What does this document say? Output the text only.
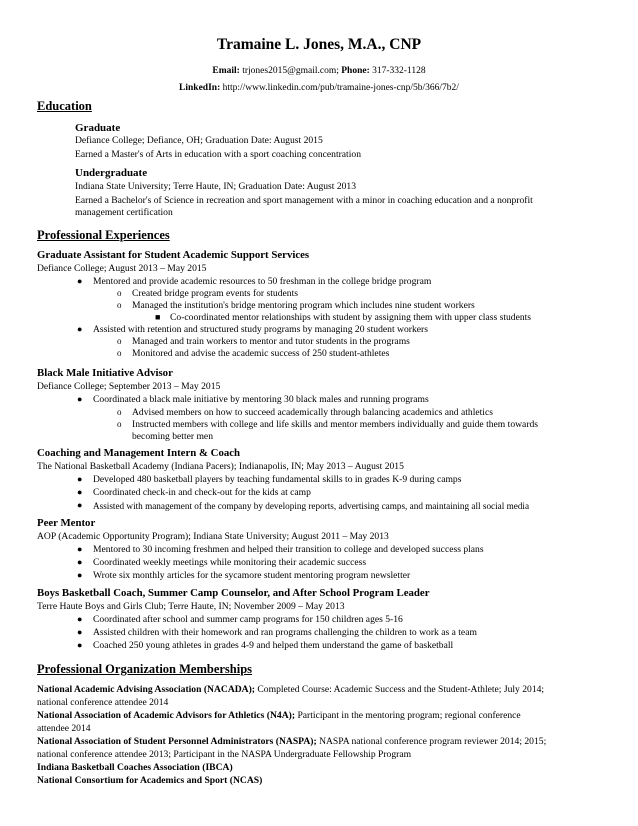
Tramaine L. Jones, M.A., CNP
Email: trjones2015@gmail.com; Phone: 317-332-1128
LinkedIn: http://www.linkedin.com/pub/tramaine-jones-cnp/5b/366/7b2/
Education
Graduate
Defiance College; Defiance, OH; Graduation Date: August 2015
Earned a Master's of Arts in education with a sport coaching concentration
Undergraduate
Indiana State University; Terre Haute, IN; Graduation Date: August 2013
Earned a Bachelor's of Science in recreation and sport management with a minor in coaching education and a nonprofit
management certification
Professional Experiences
Graduate Assistant for Student Academic Support Services
Defiance College; August 2013 – May 2015
● Mentored and provide academic resources to 50 freshman in the college bridge program
o Created bridge program events for students
o Managed the institution's bridge mentoring program which includes nine student workers
■ Co-coordinated mentor relationships with student by assigning them with upper class students
● Assisted with retention and structured study programs by managing 20 student workers
o Managed and train workers to mentor and tutor students in the programs
o Monitored and advise the academic success of 250 student-athletes
Black Male Initiative Advisor
Defiance College; September 2013 – May 2015
● Coordinated a black male initiative by mentoring 30 black males and running programs
o Advised members on how to succeed academically through balancing academics and athletics
o Instructed members with college and life skills and mentor members individually and guide them towards
becoming better men
Coaching and Management Intern & Coach
The National Basketball Academy (Indiana Pacers); Indianapolis, IN; May 2013 – August 2015
● Developed 480 basketball players by teaching fundamental skills to in grades K-9 during camps
● Coordinated check-in and check-out for the kids at camp
● Assisted with management of the company by developing reports, advertising camps, and maintaining all social media
Peer Mentor
AOP (Academic Opportunity Program); Indiana State University; August 2011 – May 2013
● Mentored to 30 incoming freshmen and helped their transition to college and developed success plans
● Coordinated weekly meetings while monitoring their academic success
● Wrote six monthly articles for the sycamore student mentoring program newsletter
Boys Basketball Coach, Summer Camp Counselor, and After School Program Leader
Terre Haute Boys and Girls Club; Terre Haute, IN; November 2009 – May 2013
● Coordinated after school and summer camp programs for 150 children ages 5-16
● Assisted children with their homework and ran programs challenging the children to work as a team
● Coached 250 young athletes in grades 4-9 and helped them understand the game of basketball
Professional Organization Memberships
National Academic Advising Association (NACADA); Completed Course: Academic Success and the Student-Athlete; July 2014;
national conference attendee 2014
National Association of Academic Advisors for Athletics (N4A); Participant in the mentoring program; regional conference
attendee 2014
National Association of Student Personnel Administrators (NASPA); NASPA national conference program reviewer 2014; 2015;
national conference attendee 2013; Participant in the NASPA Undergraduate Fellowship Program
Indiana Basketball Coaches Association (IBCA)
National Consortium for Academics and Sport (NCAS)
